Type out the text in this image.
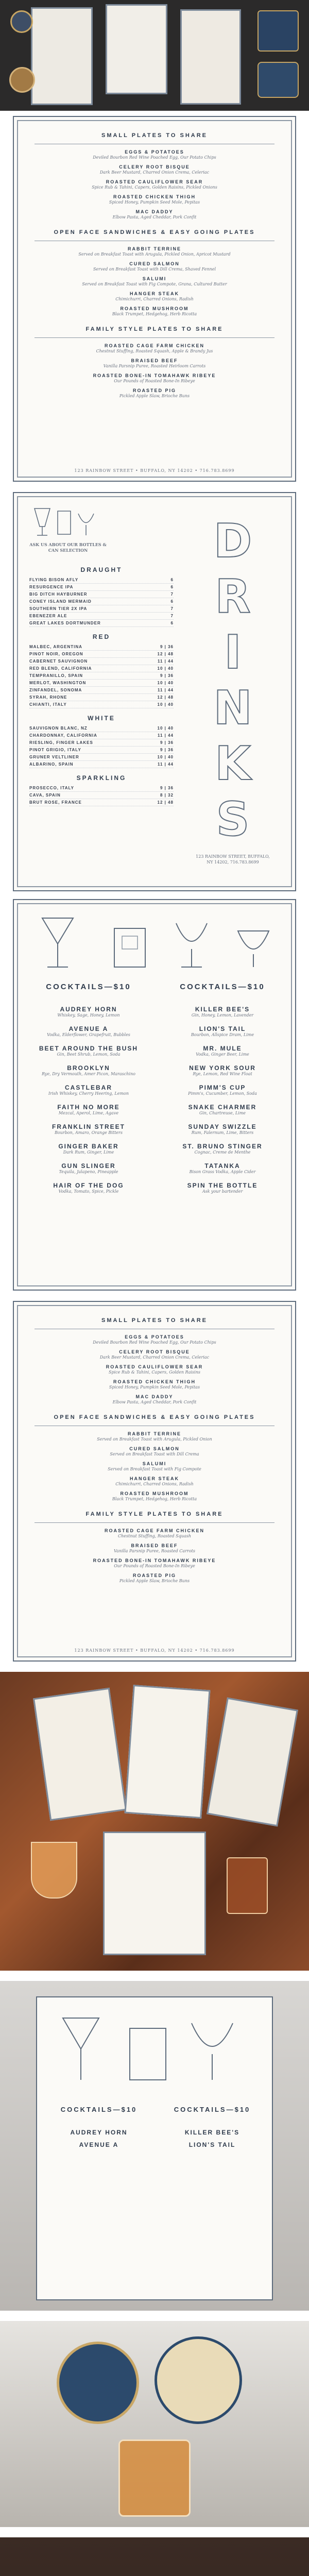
SMALL PLATES TO SHARE
EGGS & POTATOES
Deviled Bourbon Red Wine Poached Egg, Our Potato Chips
CELERY ROOT BISQUE
Dark Beer Mustard, Charred Onion Crema, Celeriac
ROASTED CAULIFLOWER SEAR
Spice Rub & Tahini, Capers, Golden Raisins, Pickled Onions
ROASTED CHICKEN THIGH
Spiced Honey, Pumpkin Seed Mole, Pepitas
MAC DADDY
Elbow Pasta, Aged Cheddar, Pork Confit
OPEN FACE SANDWICHES & EASY GOING PLATES
RABBIT TERRINE
Served on Breakfast Toast with Arugula, Pickled Onion, Apricot Mustard
CURED SALMON
Served on Breakfast Toast with Dill Crema, Shaved Fennel
SALUMI
Served on Breakfast Toast with Fig Compote, Grana, Cultured Butter
HANGER STEAK
Chimichurri, Charred Onions, Radish
ROASTED MUSHROOM
Black Trumpet, Hedgehog, Herb Ricotta
FAMILY STYLE PLATES TO SHARE
ROASTED CAGE FARM CHICKEN
Chestnut Stuffing, Roasted Squash, Apple & Brandy Jus
BRAISED BEEF
Vanilla Parsnip Puree, Roasted Heirloom Carrots
ROASTED BONE-IN TOMAHAWK RIBEYE
Our Pounds of Roasted Bone-In Ribeye
ROASTED PIG
Pickled Apple Slaw, Brioche Buns
123 RAINBOW STREET • BUFFALO, NY 14202 • 716.783.8699
ASK US ABOUT OUR BOTTLES & CAN SELECTION
DRAUGHT
FLYING BISON AFLY	6
RESURGENCE IPA	6
BIG DITCH HAYBURNER	7
CONEY ISLAND MERMAID	6
SOUTHERN TIER 2X IPA	7
EBENEZER ALE	7
GREAT LAKES DORTMUNDER	6
RED
MALBEC, ARGENTINA	9 | 36
PINOT NOIR, OREGON	12 | 48
CABERNET SAUVIGNON	11 | 44
RED BLEND, CALIFORNIA	10 | 40
TEMPRANILLO, SPAIN	9 | 36
MERLOT, WASHINGTON	10 | 40
ZINFANDEL, SONOMA	11 | 44
SYRAH, RHONE	12 | 48
CHIANTI, ITALY	10 | 40
WHITE
SAUVIGNON BLANC, NZ	10 | 40
CHARDONNAY, CALIFORNIA	11 | 44
RIESLING, FINGER LAKES	9 | 36
PINOT GRIGIO, ITALY	9 | 36
GRUNER VELTLINER	10 | 40
ALBARINO, SPAIN	11 | 44
SPARKLING
PROSECCO, ITALY	9 | 36
CAVA, SPAIN	8 | 32
BRUT ROSE, FRANCE	12 | 48
D
R
I
N
K
S
123 RAINBOW STREET, BUFFALO, NY 14202, 716.783.8699
COCKTAILS—$10	COCKTAILS—$10
AUDREY HORN
Whiskey, Sage, Honey, Lemon
AVENUE A
Vodka, Elderflower, Grapefruit, Bubbles
BEET AROUND THE BUSH
Gin, Beet Shrub, Lemon, Soda
BROOKLYN
Rye, Dry Vermouth, Amer Picon, Maraschino
CASTLEBAR
Irish Whiskey, Cherry Heering, Lemon
FAITH NO MORE
Mezcal, Aperol, Lime, Agave
FRANKLIN STREET
Bourbon, Amaro, Orange Bitters
GINGER BAKER
Dark Rum, Ginger, Lime
GUN SLINGER
Tequila, Jalapeno, Pineapple
HAIR OF THE DOG
Vodka, Tomato, Spice, Pickle
KILLER BEE'S
Gin, Honey, Lemon, Lavender
LION'S TAIL
Bourbon, Allspice Dram, Lime
MR. MULE
Vodka, Ginger Beer, Lime
NEW YORK SOUR
Rye, Lemon, Red Wine Float
PIMM'S CUP
Pimm's, Cucumber, Lemon, Soda
SNAKE CHARMER
Gin, Chartreuse, Lime
SUNDAY SWIZZLE
Rum, Falernum, Lime, Bitters
ST. BRUNO STINGER
Cognac, Creme de Menthe
TATANKA
Bison Grass Vodka, Apple Cider
SPIN THE BOTTLE
Ask your bartender
SMALL PLATES TO SHARE
EGGS & POTATOES
Deviled Bourbon Red Wine Poached Egg, Our Potato Chips
CELERY ROOT BISQUE
Dark Beer Mustard, Charred Onion Crema, Celeriac
ROASTED CAULIFLOWER SEAR
Spice Rub & Tahini, Capers, Golden Raisins
ROASTED CHICKEN THIGH
Spiced Honey, Pumpkin Seed Mole, Pepitas
MAC DADDY
Elbow Pasta, Aged Cheddar, Pork Confit
OPEN FACE SANDWICHES & EASY GOING PLATES
RABBIT TERRINE
Served on Breakfast Toast with Arugula, Pickled Onion
CURED SALMON
Served on Breakfast Toast with Dill Crema
SALUMI
Served on Breakfast Toast with Fig Compote
HANGER STEAK
Chimichurri, Charred Onions, Radish
ROASTED MUSHROOM
Black Trumpet, Hedgehog, Herb Ricotta
FAMILY STYLE PLATES TO SHARE
ROASTED CAGE FARM CHICKEN
Chestnut Stuffing, Roasted Squash
BRAISED BEEF
Vanilla Parsnip Puree, Roasted Carrots
ROASTED BONE-IN TOMAHAWK RIBEYE
Our Pounds of Roasted Bone-In Ribeye
ROASTED PIG
Pickled Apple Slaw, Brioche Buns
123 RAINBOW STREET • BUFFALO, NY 14202 • 716.783.8699
COCKTAILS—$10	COCKTAILS—$10
AUDREY HORN
AVENUE A
KILLER BEE'S
LION'S TAIL
